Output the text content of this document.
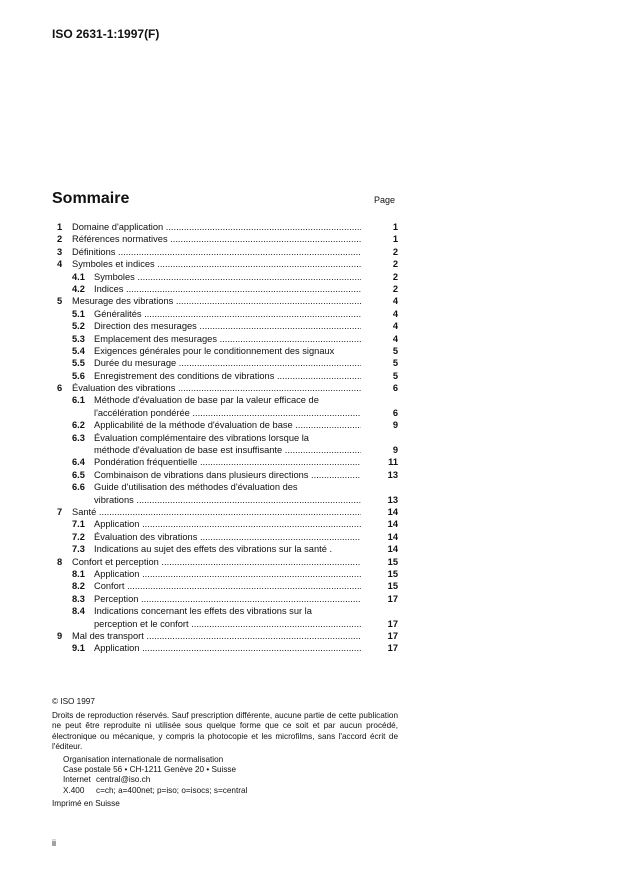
ISO 2631-1:1997(F)
Sommaire	Page
1 Domaine d'application .....	1
2 Références normatives .....	1
3 Définitions .....	2
4 Symboles et indices .....	2
4.1 Symboles .....	2
4.2 Indices .....	2
5 Mesurage des vibrations .....	4
5.1 Généralités .....	4
5.2 Direction des mesurages .....	4
5.3 Emplacement des mesurages .....	4
5.4 Exigences générales pour le conditionnement des signaux	5
5.5 Durée du mesurage .....	5
5.6 Enregistrement des conditions de vibrations .....	5
6 Évaluation des vibrations .....	6
6.1 Méthode d'évaluation de base par la valeur efficace de
l'accélération pondérée .....	6
6.2 Applicabilité de la méthode d'évaluation de base .....	9
6.3 Évaluation complémentaire des vibrations lorsque la
méthode d'évaluation de base est insuffisante .....	9
6.4 Pondération fréquentielle .....	11
6.5 Combinaison de vibrations dans plusieurs directions .....	13
6.6 Guide d'utilisation des méthodes d'évaluation des
vibrations .....	13
7 Santé .....	14
7.1 Application .....	14
7.2 Évaluation des vibrations .....	14
7.3 Indications au sujet des effets des vibrations sur la santé .	14
8 Confort et perception .....	15
8.1 Application .....	15
8.2 Confort .....	15
8.3 Perception .....	17
8.4 Indications concernant les effets des vibrations sur la
perception et le confort .....	17
9 Mal des transport .....	17
9.1 Application .....	17

© ISO 1997

Droits de reproduction réservés. Sauf prescription différente, aucune partie de cette publication ne peut être reproduite ni utilisée sous quelque forme que ce soit et par aucun procédé, électronique ou mécanique, y compris la photocopie et les microfilms, sans l'accord écrit de l'éditeur.

Organisation internationale de normalisation

Case postale 56 • CH-1211 Genève 20 • Suisse

Internet central@iso.ch
X.400	c=ch; a=400net; p=iso; o=isocs; s=central

Imprimé en Suisse

ii
